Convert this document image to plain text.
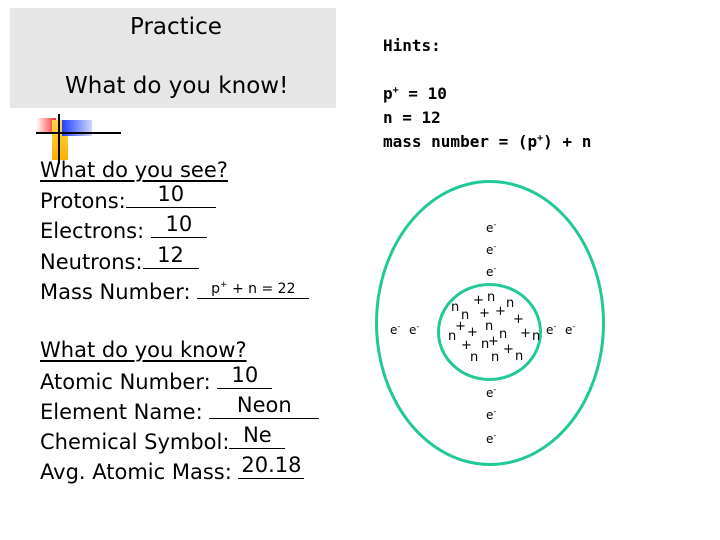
Practice
What do you know!
What do you see?
Protons:	10
Electrons: 10
Neutrons: 12
Mass Number: p+ + n = 22
What do you know?
Atomic Number: 10
Element Name:	Neon
Chemical Symbol: Ne
Avg. Atomic Mass: 20.18
Hints:
p+ = 10
n = 12
mass number = (p+) + n
e-
e-
e-
e- e-	e- e-
e-
e-
e-
n + n n
n + +
+
+ n
n + n + n
+ n
+
+ n
n n
